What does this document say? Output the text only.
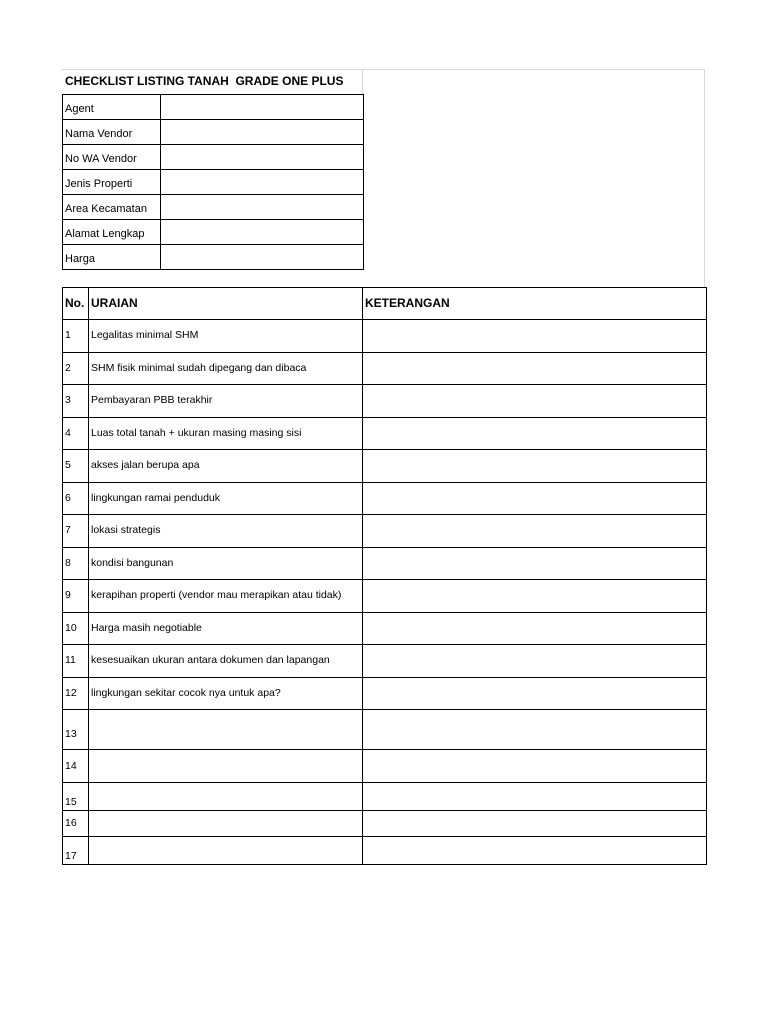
CHECKLIST LISTING TANAH  GRADE ONE PLUS
Agent	
Nama Vendor	
No WA Vendor	
Jenis Properti	
Area Kecamatan	
Alamat Lengkap	
Harga	
No.	URAIAN	KETERANGAN
1	Legalitas minimal SHM	
2	SHM fisik minimal sudah dipegang dan dibaca	
3	Pembayaran PBB terakhir	
4	Luas total tanah + ukuran masing masing sisi	
5	akses jalan berupa apa	
6	lingkungan ramai penduduk	
7	lokasi strategis	
8	kondisi bangunan	
9	kerapihan properti (vendor mau merapikan atau tidak)	
10	Harga masih negotiable	
11	kesesuaikan ukuran antara dokumen dan lapangan	
12	lingkungan sekitar cocok nya untuk apa?	
13		
14		
15		
16		
17		
